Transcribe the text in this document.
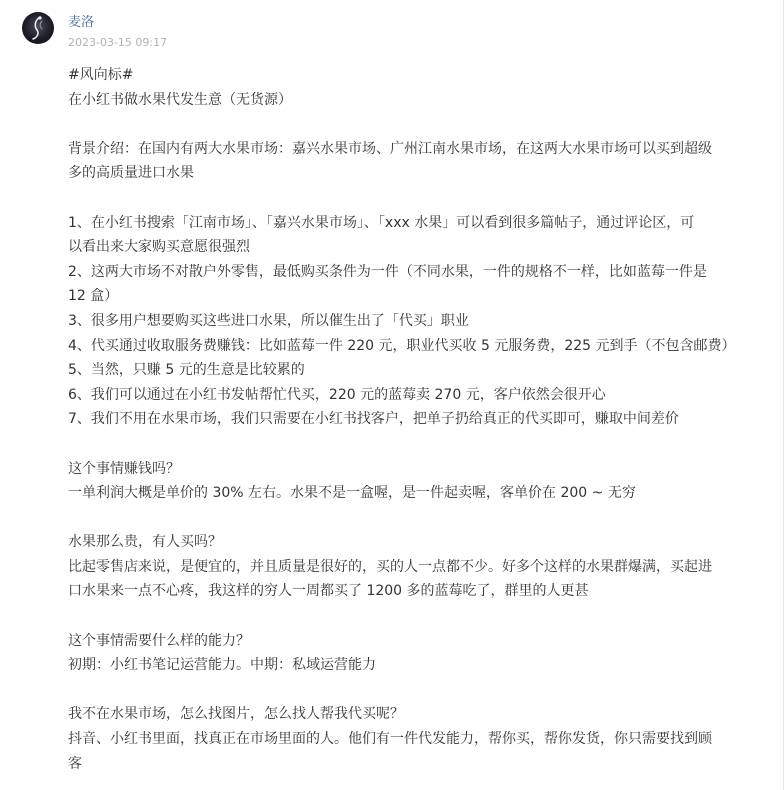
麦洛
2023-03-15 09:17
#风向标#
在小红书做水果代发生意（无货源）
背景介绍：在国内有两大水果市场：嘉兴水果市场、广州江南水果市场，在这两大水果市场可以买到超级
多的高质量进口水果
1、在小红书搜索「江南市场」、「嘉兴水果市场」、「xxx 水果」可以看到很多篇帖子，通过评论区，可
以看出来大家购买意愿很强烈
2、这两大市场不对散户外零售，最低购买条件为一件（不同水果，一件的规格不一样，比如蓝莓一件是
12 盒）
3、很多用户想要购买这些进口水果，所以催生出了「代买」职业
4、代买通过收取服务费赚钱：比如蓝莓一件 220 元，职业代买收 5 元服务费，225 元到手（不包含邮费）
5、当然，只赚 5 元的生意是比较累的
6、我们可以通过在小红书发帖帮忙代买，220 元的蓝莓卖 270 元，客户依然会很开心
7、我们不用在水果市场，我们只需要在小红书找客户，把单子扔给真正的代买即可，赚取中间差价
这个事情赚钱吗？
一单利润大概是单价的 30% 左右。水果不是一盒喔，是一件起卖喔，客单价在 200 ~ 无穷
水果那么贵，有人买吗？
比起零售店来说，是便宜的，并且质量是很好的，买的人一点都不少。好多个这样的水果群爆满，买起进
口水果来一点不心疼，我这样的穷人一周都买了 1200 多的蓝莓吃了，群里的人更甚
这个事情需要什么样的能力？
初期：小红书笔记运营能力。中期：私域运营能力
我不在水果市场，怎么找图片，怎么找人帮我代买呢？
抖音、小红书里面，找真正在市场里面的人。他们有一件代发能力，帮你买，帮你发货，你只需要找到顾
客
